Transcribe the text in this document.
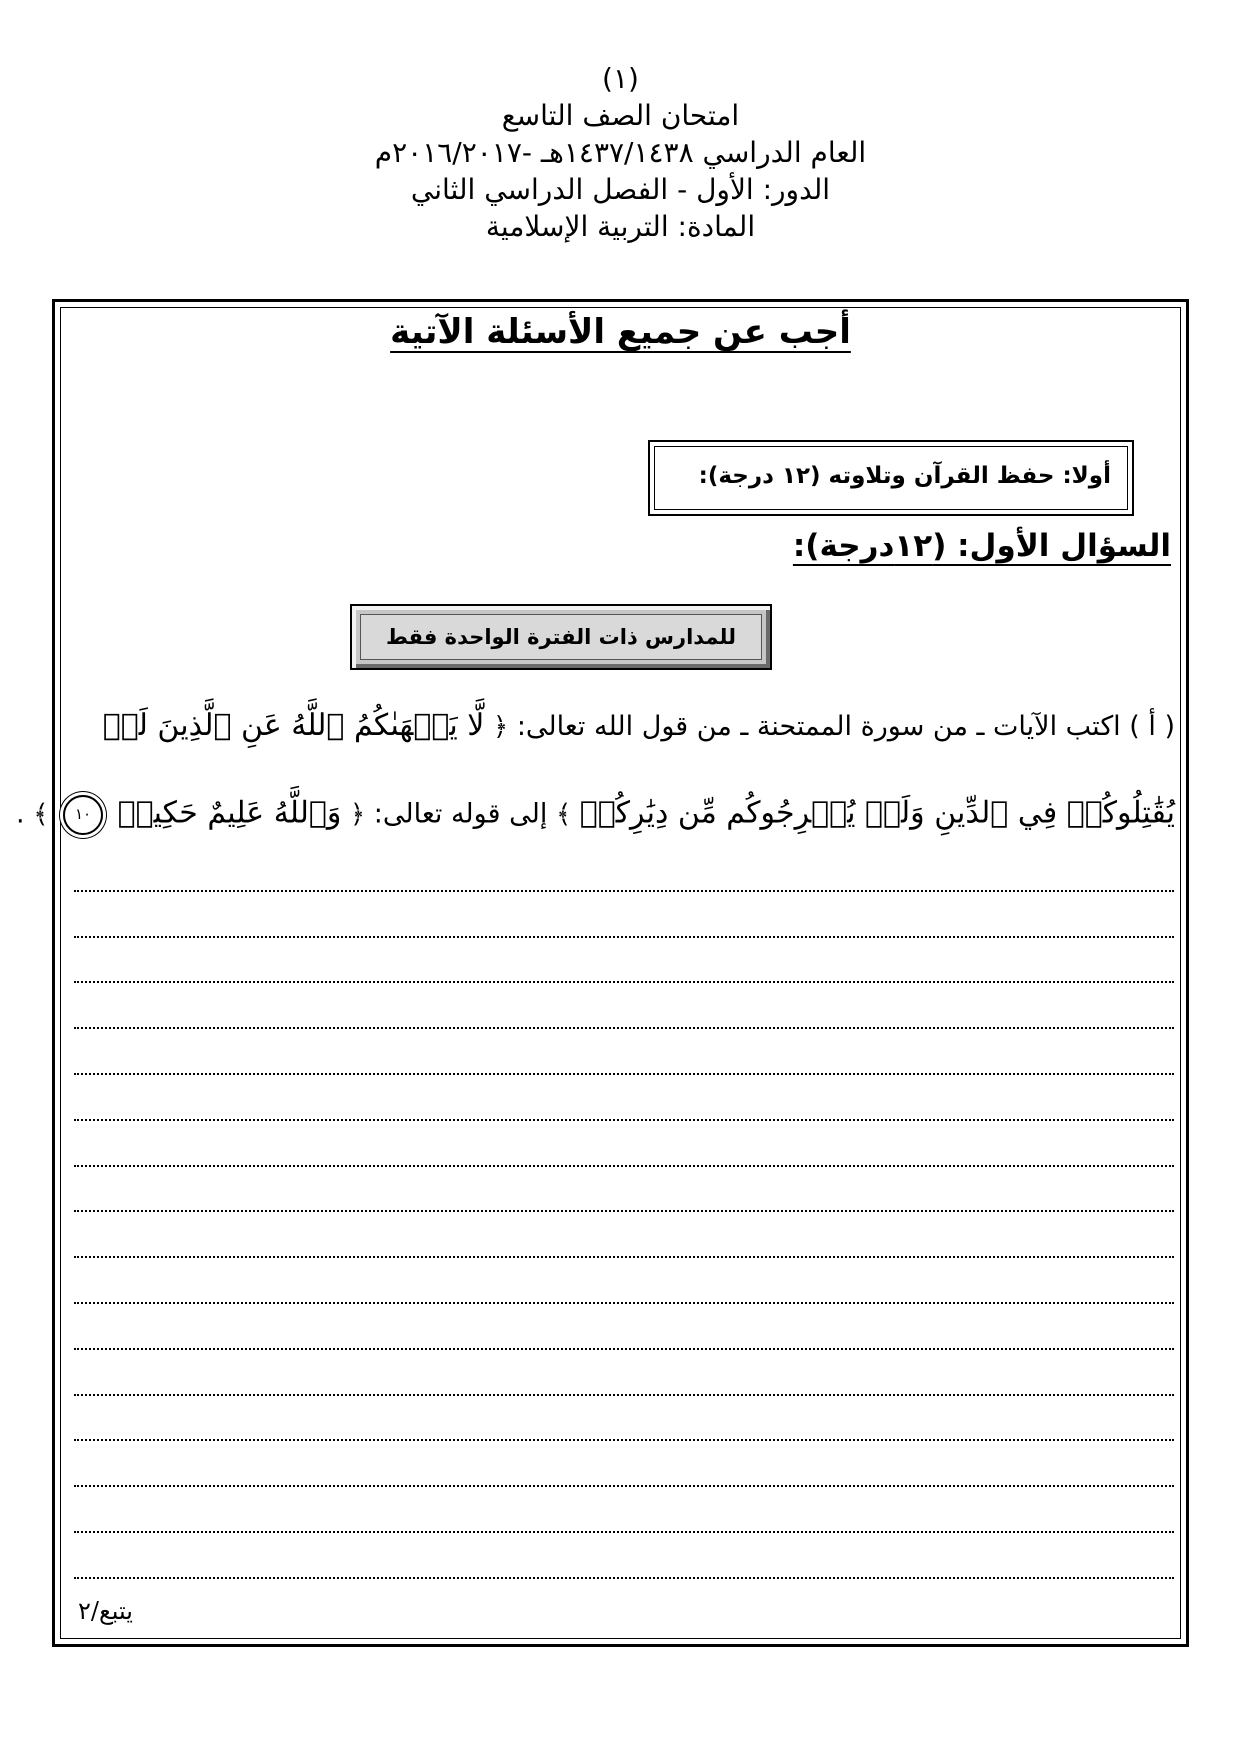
(١)
امتحان الصف التاسع
العام الدراسي ١٤٣٧/١٤٣٨هـ -٢٠١٦/٢٠١٧م
الدور: الأول - الفصل الدراسي الثاني
المادة: التربية الإسلامية
أجب عن جميع الأسئلة الآتية
أولا: حفظ القرآن وتلاوته (١٢ درجة):
السؤال الأول: (١٢درجة):
للمدارس ذات الفترة الواحدة فقط
( أ ) اكتب الآيات ـ من سورة الممتحنة ـ من قول الله تعالى: ﴿ لَّا يَنۡهَىٰكُمُ ٱللَّهُ عَنِ ٱلَّذِينَ لَمۡ
يُقَٰتِلُوكُمۡ فِي ٱلدِّينِ وَلَمۡ يُخۡرِجُوكُم مِّن دِيَٰرِكُمۡ ﴾ إلى قوله تعالى: ﴿ وَٱللَّهُ عَلِيمٌ حَكِيمٞ ١٠ ﴾ .
يتبع/٢
